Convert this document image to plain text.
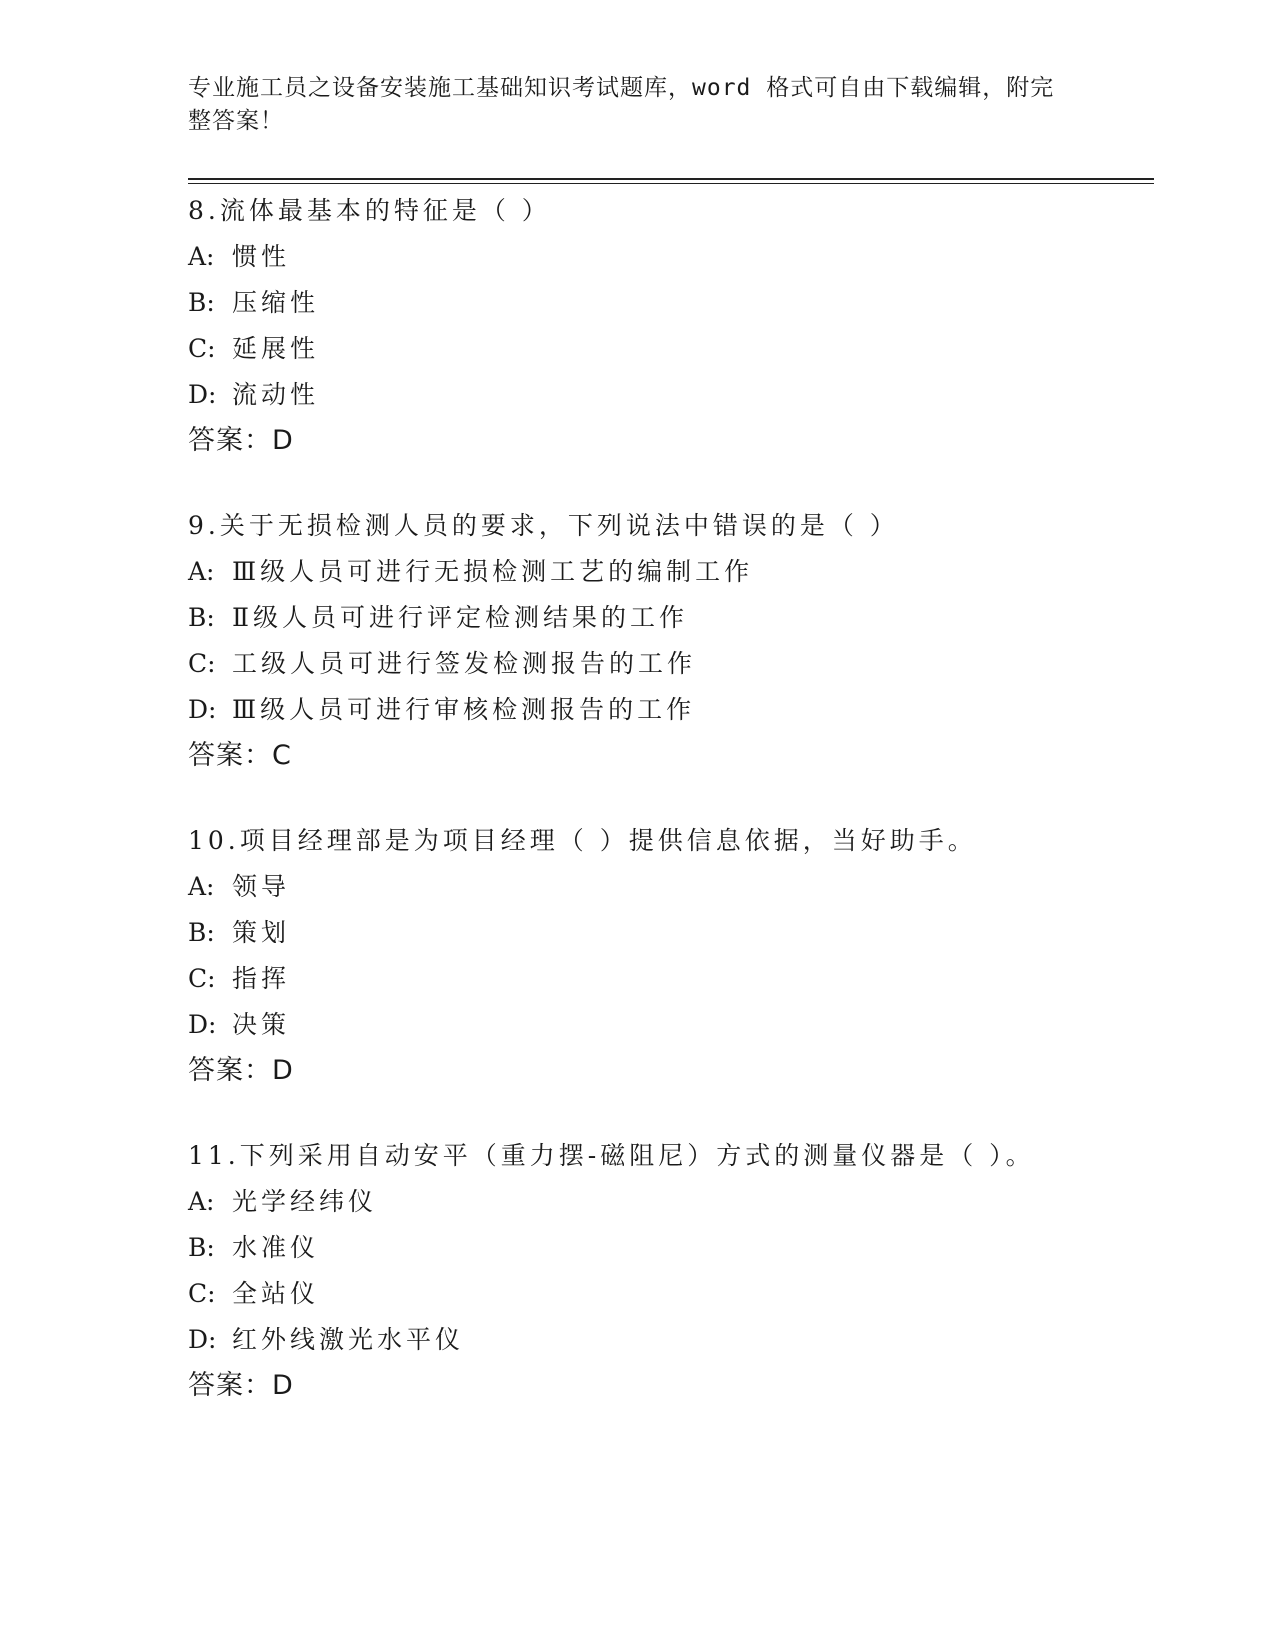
专业施工员之设备安装施工基础知识考试题库，word 格式可自由下载编辑，附完整答案！
8.流体最基本的特征是（ ）
A: 惯性
B: 压缩性
C: 延展性
D: 流动性
答案：D
9.关于无损检测人员的要求，下列说法中错误的是（ ）
A: Ⅲ级人员可进行无损检测工艺的编制工作
B: Ⅱ级人员可进行评定检测结果的工作
C: 工级人员可进行签发检测报告的工作
D: Ⅲ级人员可进行审核检测报告的工作
答案：C
10.项目经理部是为项目经理（ ）提供信息依据，当好助手。
A: 领导
B: 策划
C: 指挥
D: 决策
答案：D
11.下列采用自动安平（重力摆-磁阻尼）方式的测量仪器是（ ）。
A: 光学经纬仪
B: 水准仪
C: 全站仪
D: 红外线激光水平仪
答案：D
